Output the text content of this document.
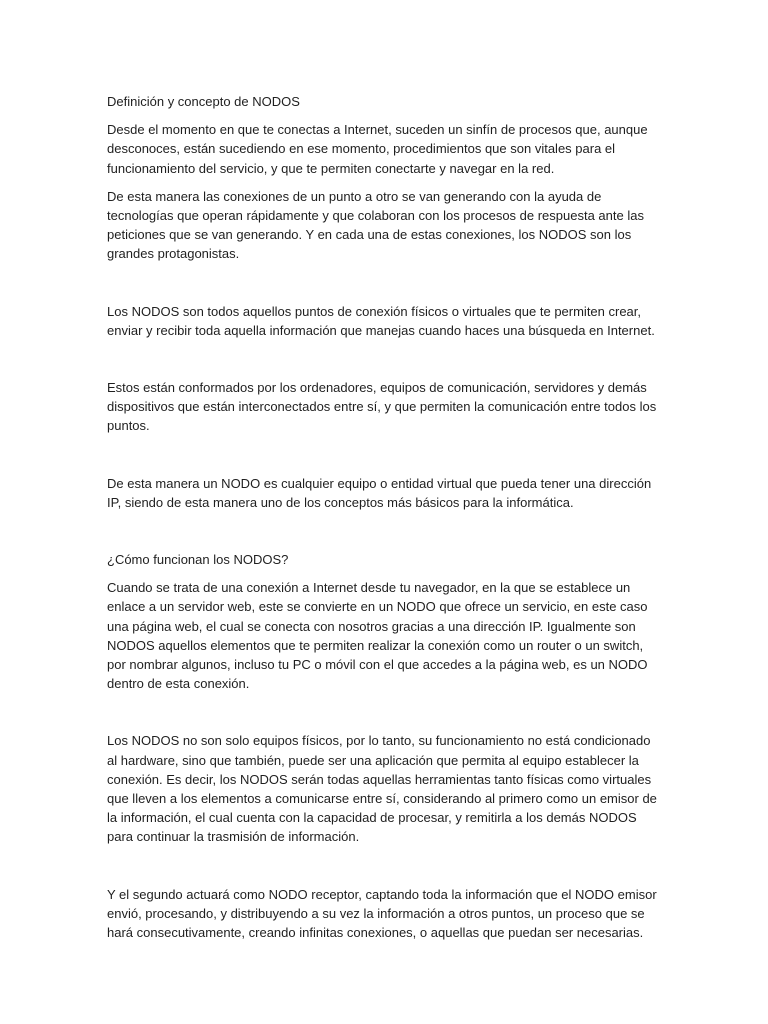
Definición y concepto de NODOS

Desde el momento en que te conectas a Internet, suceden un sinfín de procesos que, aunque desconoces, están sucediendo en ese momento, procedimientos que son vitales para el funcionamiento del servicio, y que te permiten conectarte y navegar en la red.

De esta manera las conexiones de un punto a otro se van generando con la ayuda de tecnologías que operan rápidamente y que colaboran con los procesos de respuesta ante las peticiones que se van generando. Y en cada una de estas conexiones, los NODOS son los grandes protagonistas.

Los NODOS son todos aquellos puntos de conexión físicos o virtuales que te permiten crear, enviar y recibir toda aquella información que manejas cuando haces una búsqueda en Internet.

Estos están conformados por los ordenadores, equipos de comunicación, servidores y demás dispositivos que están interconectados entre sí, y que permiten la comunicación entre todos los puntos.

De esta manera un NODO es cualquier equipo o entidad virtual que pueda tener una dirección IP, siendo de esta manera uno de los conceptos más básicos para la informática.

¿Cómo funcionan los NODOS?

Cuando se trata de una conexión a Internet desde tu navegador, en la que se establece un enlace a un servidor web, este se convierte en un NODO que ofrece un servicio, en este caso una página web, el cual se conecta con nosotros gracias a una dirección IP. Igualmente son NODOS aquellos elementos que te permiten realizar la conexión como un router o un switch, por nombrar algunos, incluso tu PC o móvil con el que accedes a la página web, es un NODO dentro de esta conexión.

Los NODOS no son solo equipos físicos, por lo tanto, su funcionamiento no está condicionado al hardware, sino que también, puede ser una aplicación que permita al equipo establecer la conexión. Es decir, los NODOS serán todas aquellas herramientas tanto físicas como virtuales que lleven a los elementos a comunicarse entre sí, considerando al primero como un emisor de la información, el cual cuenta con la capacidad de procesar, y remitirla a los demás NODOS para continuar la trasmisión de información.

Y el segundo actuará como NODO receptor, captando toda la información que el NODO emisor envió, procesando, y distribuyendo a su vez la información a otros puntos, un proceso que se hará consecutivamente, creando infinitas conexiones, o aquellas que puedan ser necesarias.
